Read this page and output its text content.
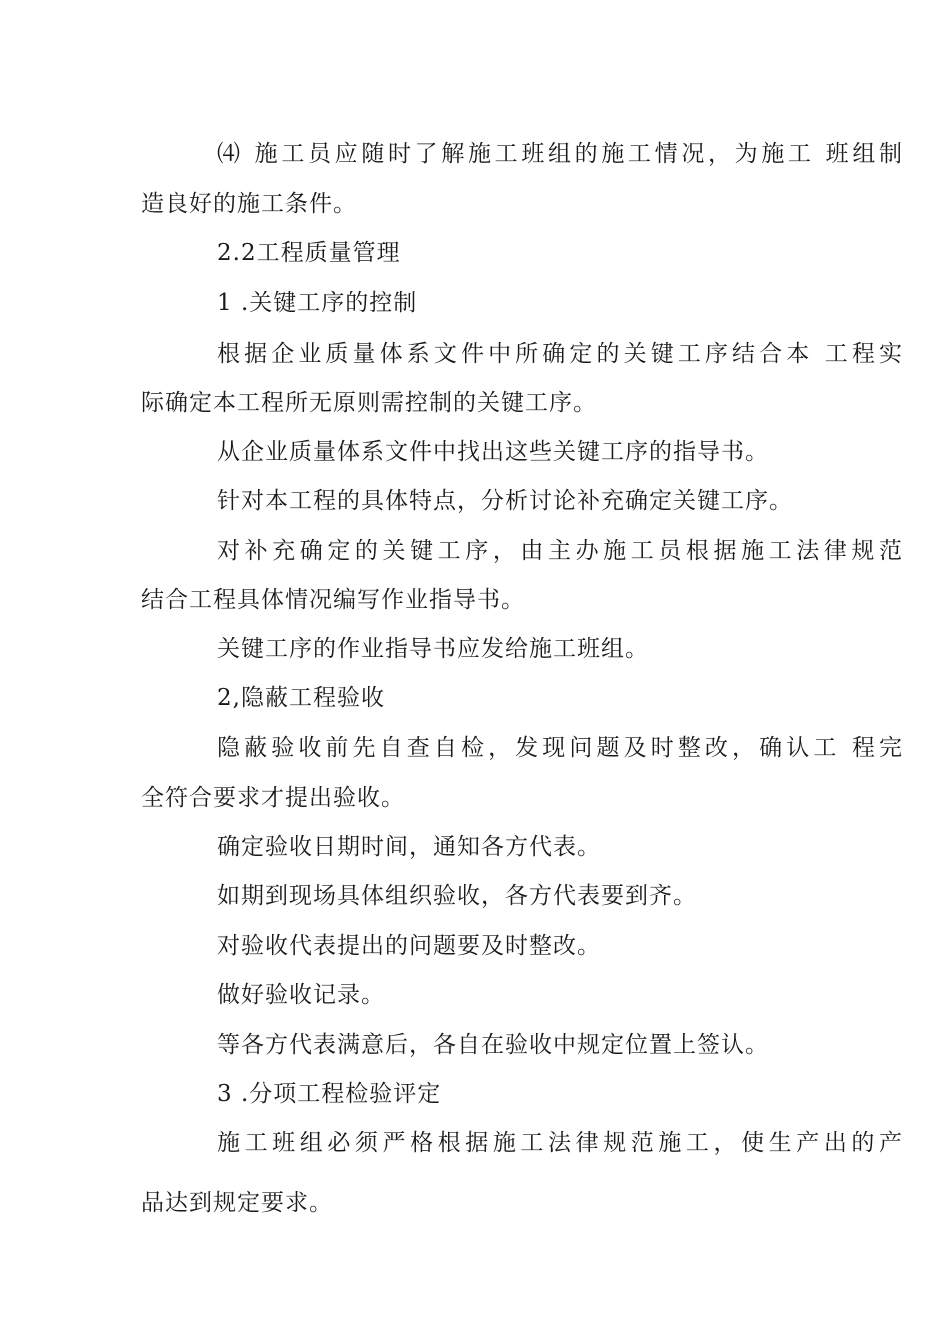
⑷ 施工员应随时了解施工班组的施工情况，为施工 班组制
造良好的施工条件。
2.2工程质量管理
1 .关键工序的控制
根据企业质量体系文件中所确定的关键工序结合本 工程实
际确定本工程所无原则需控制的关键工序。
从企业质量体系文件中找出这些关键工序的指导书。
针对本工程的具体特点，分析讨论补充确定关键工序。
对补充确定的关键工序，由主办施工员根据施工法律规范
结合工程具体情况编写作业指导书。
关键工序的作业指导书应发给施工班组。
2,隐蔽工程验收
隐蔽验收前先自查自检，发现问题及时整改，确认工 程完
全符合要求才提出验收。
确定验收日期时间，通知各方代表。
如期到现场具体组织验收，各方代表要到齐。
对验收代表提出的问题要及时整改。
做好验收记录。
等各方代表满意后，各自在验收中规定位置上签认。
3 .分项工程检验评定
施工班组必须严格根据施工法律规范施工，使生产出的产
品达到规定要求。
